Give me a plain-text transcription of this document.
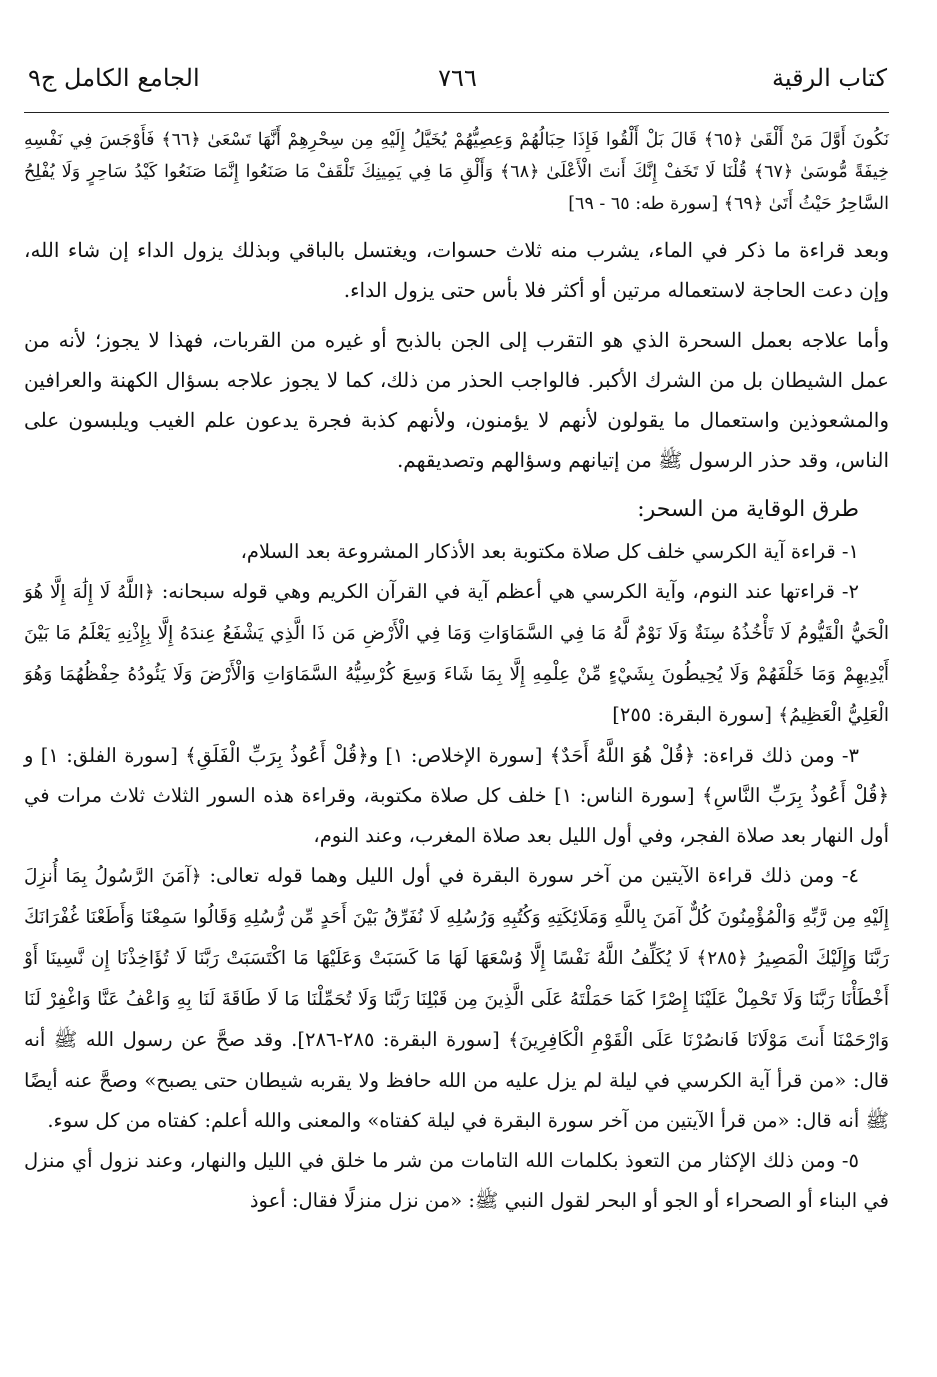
كتاب الرقية
٧٦٦
الجامع الكامل ج٩

نَكُونَ أَوَّلَ مَنْ أَلْقَىٰ ﴿٦٥﴾ قَالَ بَلْ أَلْقُوا فَإِذَا حِبَالُهُمْ وَعِصِيُّهُمْ يُخَيَّلُ إِلَيْهِ مِن سِحْرِهِمْ أَنَّهَا تَسْعَىٰ ﴿٦٦﴾ فَأَوْجَسَ فِي نَفْسِهِ خِيفَةً مُّوسَىٰ ﴿٦٧﴾ قُلْنَا لَا تَخَفْ إِنَّكَ أَنتَ الْأَعْلَىٰ ﴿٦٨﴾ وَأَلْقِ مَا فِي يَمِينِكَ تَلْقَفْ مَا صَنَعُوا إِنَّمَا صَنَعُوا كَيْدُ سَاحِرٍ وَلَا يُفْلِحُ السَّاحِرُ حَيْثُ أَتَىٰ ﴿٦٩﴾ [سورة طه: ٦٥ - ٦٩]

وبعد قراءة ما ذكر في الماء، يشرب منه ثلاث حسوات، ويغتسل بالباقي وبذلك يزول الداء إن شاء الله، وإن دعت الحاجة لاستعماله مرتين أو أكثر فلا بأس حتى يزول الداء.

وأما علاجه بعمل السحرة الذي هو التقرب إلى الجن بالذبح أو غيره من القربات، فهذا لا يجوز؛ لأنه من عمل الشيطان بل من الشرك الأكبر. فالواجب الحذر من ذلك، كما لا يجوز علاجه بسؤال الكهنة والعرافين والمشعوذين واستعمال ما يقولون لأنهم لا يؤمنون، ولأنهم كذبة فجرة يدعون علم الغيب ويلبسون على الناس، وقد حذر الرسول ﷺ من إتيانهم وسؤالهم وتصديقهم.

طرق الوقاية من السحر:

١- قراءة آية الكرسي خلف كل صلاة مكتوبة بعد الأذكار المشروعة بعد السلام،

٢- قراءتها عند النوم، وآية الكرسي هي أعظم آية في القرآن الكريم وهي قوله سبحانه: ﴿اللَّهُ لَا إِلَٰهَ إِلَّا هُوَ الْحَيُّ الْقَيُّومُ لَا تَأْخُذُهُ سِنَةٌ وَلَا نَوْمٌ لَّهُ مَا فِي السَّمَاوَاتِ وَمَا فِي الْأَرْضِ مَن ذَا الَّذِي يَشْفَعُ عِندَهُ إِلَّا بِإِذْنِهِ يَعْلَمُ مَا بَيْنَ أَيْدِيهِمْ وَمَا خَلْفَهُمْ وَلَا يُحِيطُونَ بِشَيْءٍ مِّنْ عِلْمِهِ إِلَّا بِمَا شَاءَ وَسِعَ كُرْسِيُّهُ السَّمَاوَاتِ وَالْأَرْضَ وَلَا يَئُودُهُ حِفْظُهُمَا وَهُوَ الْعَلِيُّ الْعَظِيمُ﴾ [سورة البقرة: ٢٥٥]

٣- ومن ذلك قراءة: ﴿قُلْ هُوَ اللَّهُ أَحَدٌ﴾ [سورة الإخلاص: ١] و﴿قُلْ أَعُوذُ بِرَبِّ الْفَلَقِ﴾ [سورة الفلق: ١] و ﴿قُلْ أَعُوذُ بِرَبِّ النَّاسِ﴾ [سورة الناس: ١] خلف كل صلاة مكتوبة، وقراءة هذه السور الثلاث ثلاث مرات في أول النهار بعد صلاة الفجر، وفي أول الليل بعد صلاة المغرب، وعند النوم،

٤- ومن ذلك قراءة الآيتين من آخر سورة البقرة في أول الليل وهما قوله تعالى: ﴿آمَنَ الرَّسُولُ بِمَا أُنزِلَ إِلَيْهِ مِن رَّبِّهِ وَالْمُؤْمِنُونَ كُلٌّ آمَنَ بِاللَّهِ وَمَلَائِكَتِهِ وَكُتُبِهِ وَرُسُلِهِ لَا نُفَرِّقُ بَيْنَ أَحَدٍ مِّن رُّسُلِهِ وَقَالُوا سَمِعْنَا وَأَطَعْنَا غُفْرَانَكَ رَبَّنَا وَإِلَيْكَ الْمَصِيرُ ﴿٢٨٥﴾ لَا يُكَلِّفُ اللَّهُ نَفْسًا إِلَّا وُسْعَهَا لَهَا مَا كَسَبَتْ وَعَلَيْهَا مَا اكْتَسَبَتْ رَبَّنَا لَا تُؤَاخِذْنَا إِن نَّسِينَا أَوْ أَخْطَأْنَا رَبَّنَا وَلَا تَحْمِلْ عَلَيْنَا إِصْرًا كَمَا حَمَلْتَهُ عَلَى الَّذِينَ مِن قَبْلِنَا رَبَّنَا وَلَا تُحَمِّلْنَا مَا لَا طَاقَةَ لَنَا بِهِ وَاعْفُ عَنَّا وَاغْفِرْ لَنَا وَارْحَمْنَا أَنتَ مَوْلَانَا فَانصُرْنَا عَلَى الْقَوْمِ الْكَافِرِينَ﴾ [سورة البقرة: ٢٨٥-٢٨٦]. وقد صحَّ عن رسول الله ﷺ أنه قال: «من قرأ آية الكرسي في ليلة لم يزل عليه من الله حافظ ولا يقربه شيطان حتى يصبح» وصحَّ عنه أيضًا ﷺ أنه قال: «من قرأ الآيتين من آخر سورة البقرة في ليلة كفتاه» والمعنى والله أعلم: كفتاه من كل سوء.

٥- ومن ذلك الإكثار من التعوذ بكلمات الله التامات من شر ما خلق في الليل والنهار، وعند نزول أي منزل في البناء أو الصحراء أو الجو أو البحر لقول النبي ﷺ: «من نزل منزلًا فقال: أعوذ
